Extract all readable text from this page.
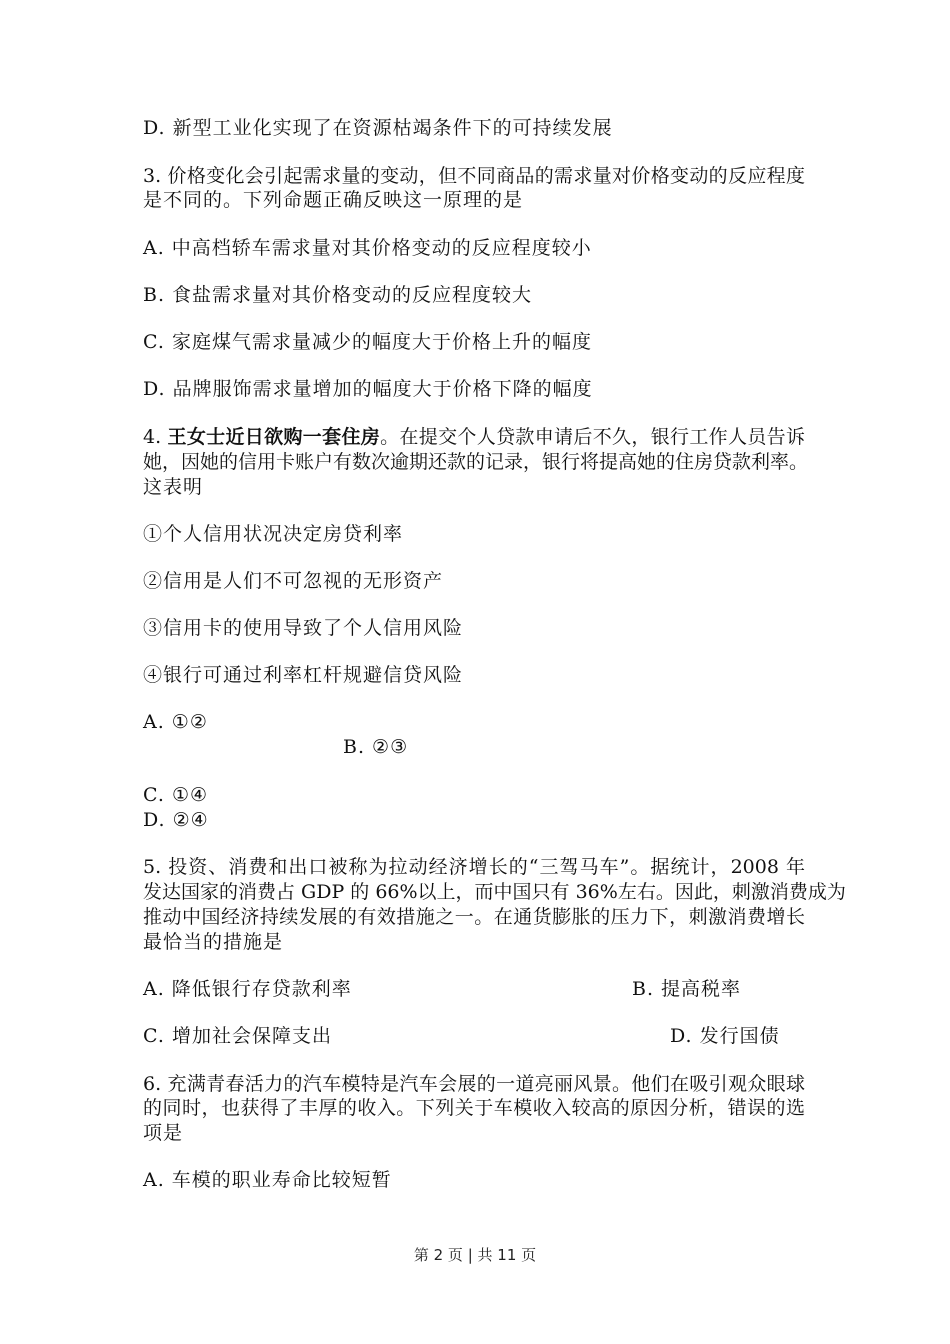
D. 新型工业化实现了在资源枯竭条件下的可持续发展
3. 价格变化会引起需求量的变动，但不同商品的需求量对价格变动的反应程度
是不同的。下列命题正确反映这一原理的是
A. 中高档轿车需求量对其价格变动的反应程度较小
B. 食盐需求量对其价格变动的反应程度较大
C. 家庭煤气需求量减少的幅度大于价格上升的幅度
D. 品牌服饰需求量增加的幅度大于价格下降的幅度
4. 王女士近日欲购一套住房。在提交个人贷款申请后不久，银行工作人员告诉
她，因她的信用卡账户有数次逾期还款的记录，银行将提高她的住房贷款利率。
这表明
①个人信用状况决定房贷利率
②信用是人们不可忽视的无形资产
③信用卡的使用导致了个人信用风险
④银行可通过利率杠杆规避信贷风险
A. ①②
B. ②③
C. ①④
D. ②④
5. 投资、消费和出口被称为拉动经济增长的“三驾马车”。据统计，2008 年
发达国家的消费占 GDP 的 66%以上，而中国只有 36%左右。因此，刺激消费成为
推动中国经济持续发展的有效措施之一。在通货膨胀的压力下，刺激消费增长
最恰当的措施是
A. 降低银行存贷款利率	B. 提高税率
C. 增加社会保障支出	D. 发行国债
6. 充满青春活力的汽车模特是汽车会展的一道亮丽风景。他们在吸引观众眼球
的同时，也获得了丰厚的收入。下列关于车模收入较高的原因分析，错误的选
项是
A. 车模的职业寿命比较短暂
第 2 页 | 共 11 页
